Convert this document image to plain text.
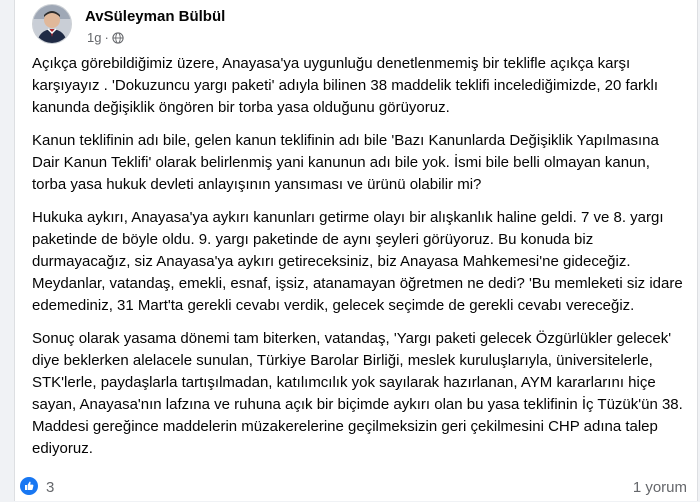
AvSüleyman Bülbül
1g ·

Açıkça görebildiğimiz üzere, Anayasa'ya uygunluğu denetlenmemiş bir teklifle açıkça karşı karşıyayız . 'Dokuzuncu yargı paketi' adıyla bilinen 38 maddelik teklifi incelediğimizde, 20 farklı kanunda değişiklik öngören bir torba yasa olduğunu görüyoruz.

Kanun teklifinin adı bile, gelen kanun teklifinin adı bile 'Bazı Kanunlarda Değişiklik Yapılmasına Dair Kanun Teklifi' olarak belirlenmiş yani kanunun adı bile yok. İsmi bile belli olmayan kanun, torba yasa hukuk devleti anlayışının yansıması ve ürünü olabilir mi?

Hukuka aykırı, Anayasa'ya aykırı kanunları getirme olayı bir alışkanlık haline geldi. 7 ve 8. yargı paketinde de böyle oldu. 9. yargı paketinde de aynı şeyleri görüyoruz. Bu konuda biz durmayacağız, siz Anayasa'ya aykırı getireceksiniz, biz Anayasa Mahkemesi'ne gideceğiz. Meydanlar, vatandaş, emekli, esnaf, işsiz, atanamayan öğretmen ne dedi? 'Bu memleketi siz idare edemediniz, 31 Mart'ta gerekli cevabı verdik, gelecek seçimde de gerekli cevabı vereceğiz.

Sonuç olarak yasama dönemi tam biterken, vatandaş, 'Yargı paketi gelecek Özgürlükler gelecek' diye beklerken alelacele sunulan, Türkiye Barolar Birliği, meslek kuruluşlarıyla, üniversitelerle, STK'lerle, paydaşlarla tartışılmadan, katılımcılık yok sayılarak hazırlanan, AYM kararlarını hiçe sayan, Anayasa'nın lafzına ve ruhuna açık bir biçimde aykırı olan bu yasa teklifinin İç Tüzük'ün 38. Maddesi gereğince maddelerin müzakerelerine geçilmeksizin geri çekilmesini CHP adına talep ediyoruz.

3	1 yorum
